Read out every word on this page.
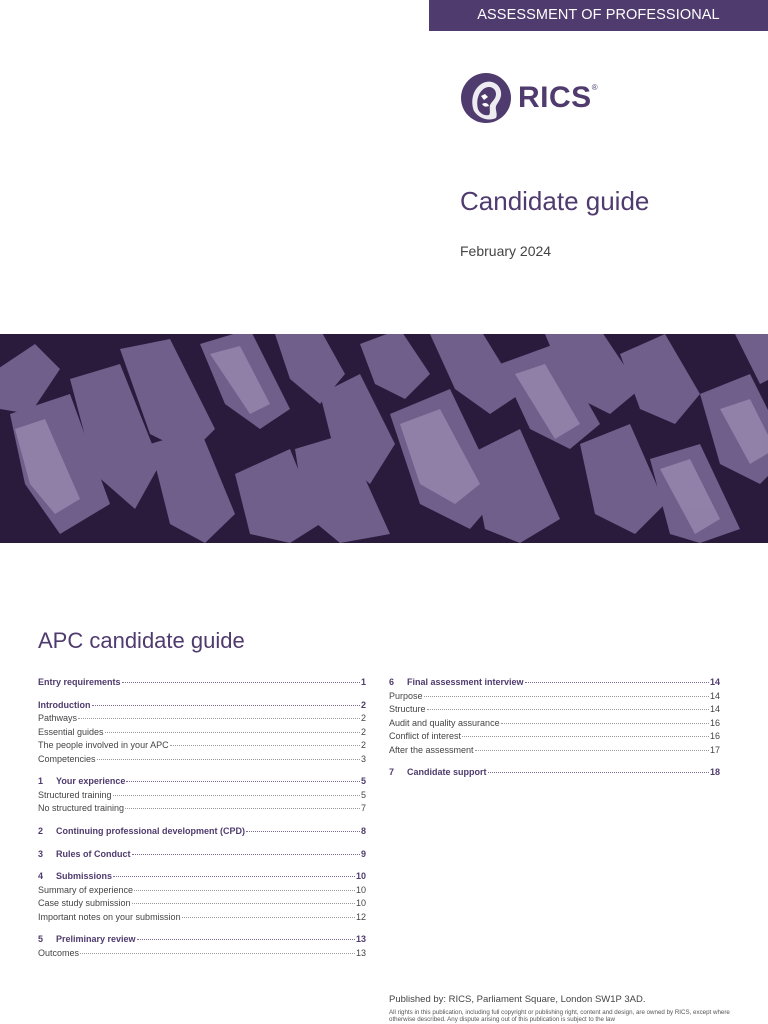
ASSESSMENT OF PROFESSIONAL COMPETENCE
RICS®
Candidate guide
February 2024
APC candidate guide
Entry requirements	1
Introduction	2
Pathways	2
Essential guides	2
The people involved in your APC	2
Competencies	3
1	Your experience	5
Structured training	5
No structured training	7
2	Continuing professional development (CPD)	8
3	Rules of Conduct	9
4	Submissions	10
Summary of experience	10
Case study submission	10
Important notes on your submission	12
5	Preliminary review	13
Outcomes	13
6	Final assessment interview	14
Purpose	14
Structure	14
Audit and quality assurance	16
Conflict of interest	16
After the assessment	17
7	Candidate support	18
Published by: RICS, Parliament Square, London SW1P 3AD.
All rights in this publication, including full copyright or publishing right, content and design, are owned by RICS, except where otherwise described. Any dispute arising out of this publication is subject to the law
